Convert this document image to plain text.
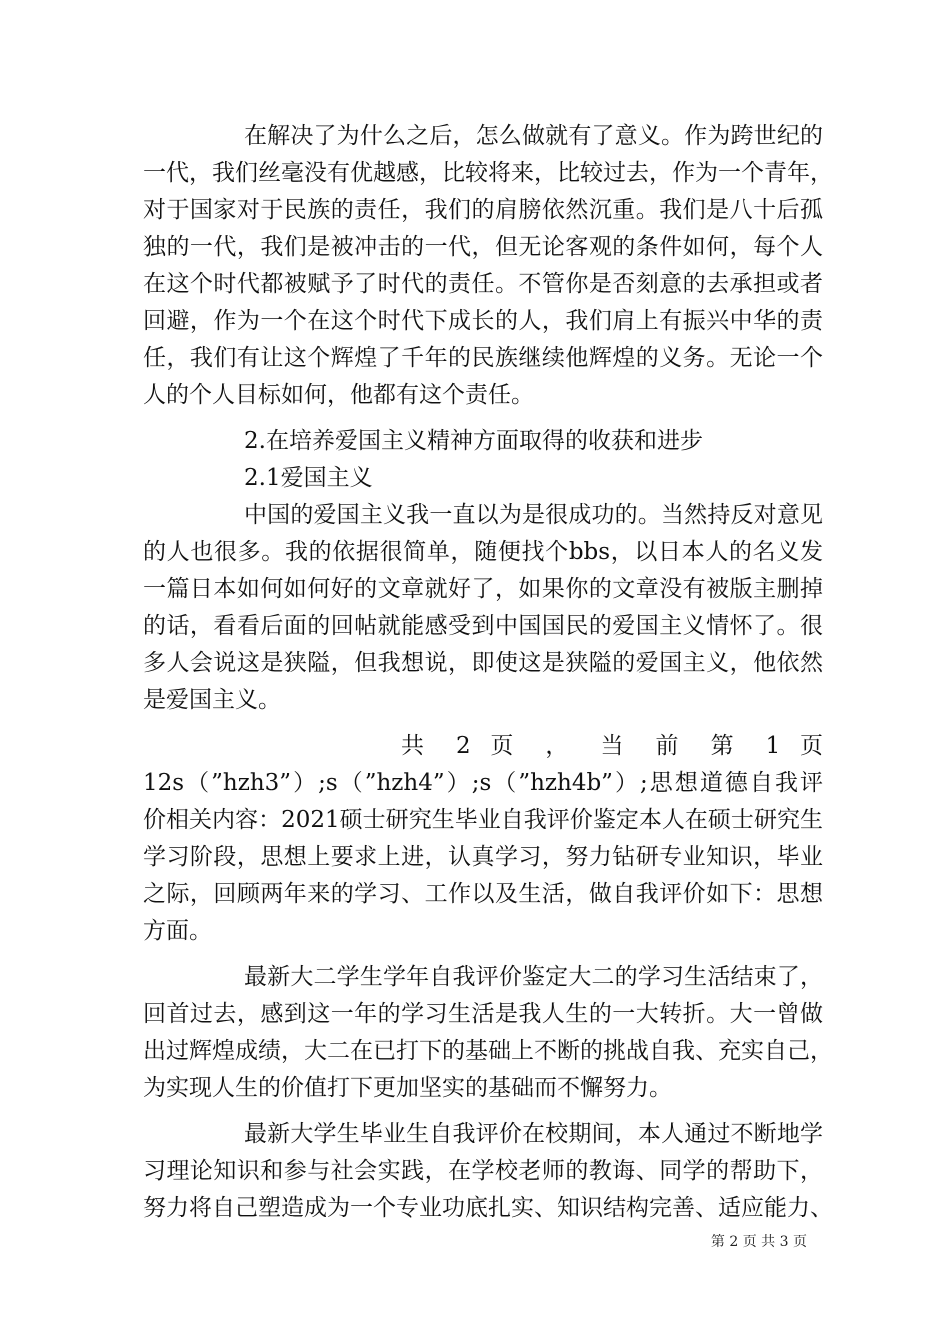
在解决了为什么之后，怎么做就有了意义。作为跨世纪的
一代，我们丝毫没有优越感，比较将来，比较过去，作为一个青年，
对于国家对于民族的责任，我们的肩膀依然沉重。我们是八十后孤
独的一代，我们是被冲击的一代，但无论客观的条件如何，每个人
在这个时代都被赋予了时代的责任。不管你是否刻意的去承担或者
回避，作为一个在这个时代下成长的人，我们肩上有振兴中华的责
任，我们有让这个辉煌了千年的民族继续他辉煌的义务。无论一个
人的个人目标如何，他都有这个责任。
2.在培养爱国主义精神方面取得的收获和进步
2.1爱国主义
中国的爱国主义我一直以为是很成功的。当然持反对意见
的人也很多。我的依据很简单，随便找个bbs，以日本人的名义发
一篇日本如何如何好的文章就好了，如果你的文章没有被版主删掉
的话，看看后面的回帖就能感受到中国国民的爱国主义情怀了。很
多人会说这是狭隘，但我想说，即使这是狭隘的爱国主义，他依然
是爱国主义。
共 2 页 ， 当 前 第 1 页
12s（”hzh3”）;s（”hzh4”）;s（”hzh4b”）;思想道德自我评
价相关内容：2021硕士研究生毕业自我评价鉴定本人在硕士研究生
学习阶段，思想上要求上进，认真学习，努力钻研专业知识，毕业
之际，回顾两年来的学习、工作以及生活，做自我评价如下：思想
方面。
最新大二学生学年自我评价鉴定大二的学习生活结束了，
回首过去，感到这一年的学习生活是我人生的一大转折。大一曾做
出过辉煌成绩，大二在已打下的基础上不断的挑战自我、充实自己，
为实现人生的价值打下更加坚实的基础而不懈努力。
最新大学生毕业生自我评价在校期间，本人通过不断地学
习理论知识和参与社会实践，在学校老师的教诲、同学的帮助下，
努力将自己塑造成为一个专业功底扎实、知识结构完善、适应能力、
第 2 页 共 3 页
